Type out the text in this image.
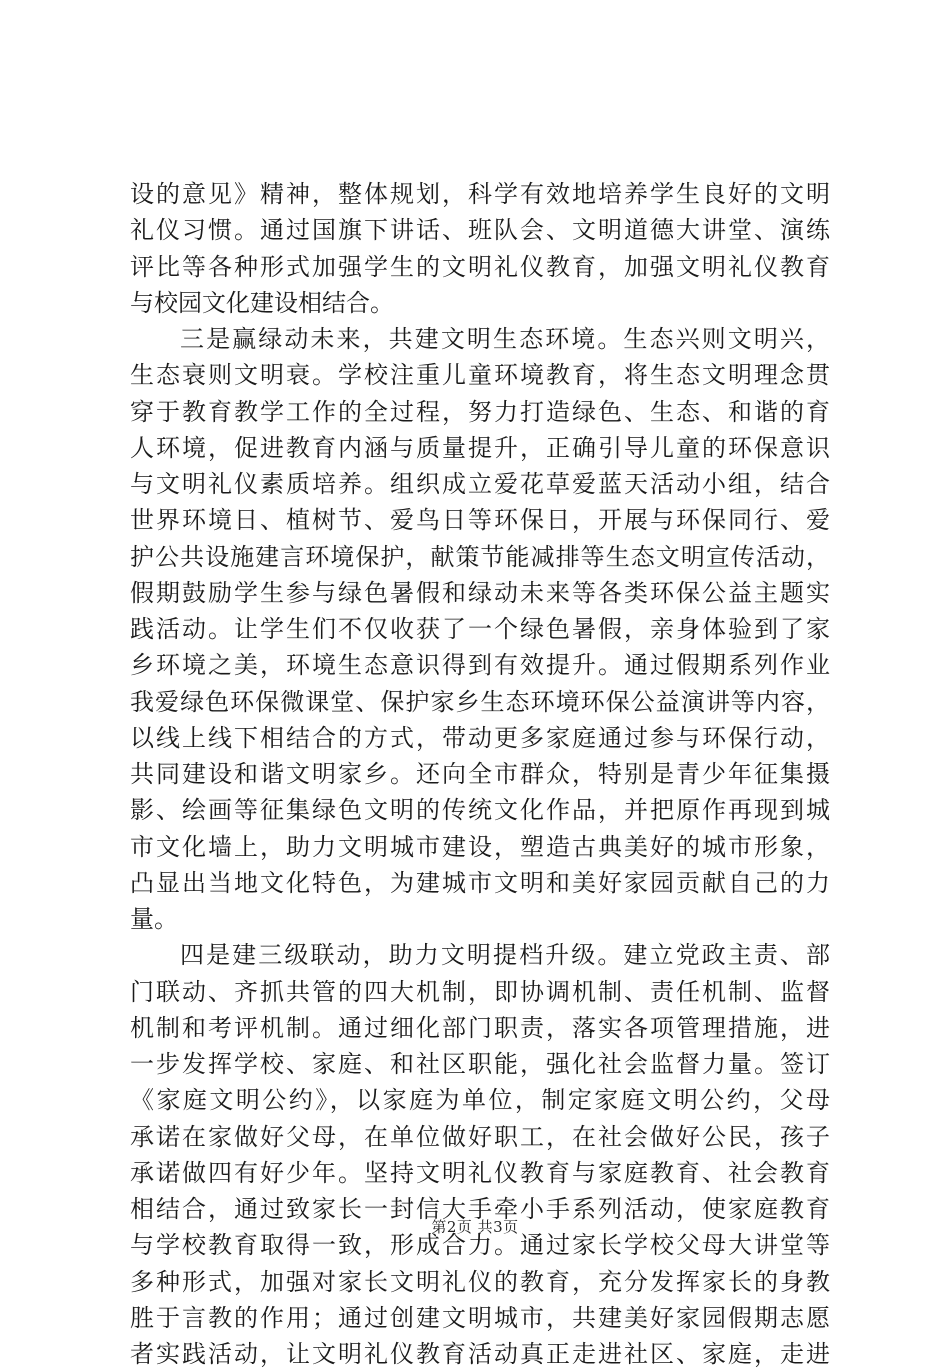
设的意见》精神，整体规划，科学有效地培养学生良好的文明
礼仪习惯。通过国旗下讲话、班队会、文明道德大讲堂、演练
评比等各种形式加强学生的文明礼仪教育，加强文明礼仪教育
与校园文化建设相结合。
三是赢绿动未来，共建文明生态环境。生态兴则文明兴，
生态衰则文明衰。学校注重儿童环境教育，将生态文明理念贯
穿于教育教学工作的全过程，努力打造绿色、生态、和谐的育
人环境，促进教育内涵与质量提升，正确引导儿童的环保意识
与文明礼仪素质培养。组织成立爱花草爱蓝天活动小组，结合
世界环境日、植树节、爱鸟日等环保日，开展与环保同行、爱
护公共设施建言环境保护，献策节能减排等生态文明宣传活动，
假期鼓励学生参与绿色暑假和绿动未来等各类环保公益主题实
践活动。让学生们不仅收获了一个绿色暑假，亲身体验到了家
乡环境之美，环境生态意识得到有效提升。通过假期系列作业
我爱绿色环保微课堂、保护家乡生态环境环保公益演讲等内容，
以线上线下相结合的方式，带动更多家庭通过参与环保行动，
共同建设和谐文明家乡。还向全市群众，特别是青少年征集摄
影、绘画等征集绿色文明的传统文化作品，并把原作再现到城
市文化墙上，助力文明城市建设，塑造古典美好的城市形象，
凸显出当地文化特色，为建城市文明和美好家园贡献自己的力
量。
四是建三级联动，助力文明提档升级。建立党政主责、部
门联动、齐抓共管的四大机制，即协调机制、责任机制、监督
机制和考评机制。通过细化部门职责，落实各项管理措施，进
一步发挥学校、家庭、和社区职能，强化社会监督力量。签订
《家庭文明公约》，以家庭为单位，制定家庭文明公约，父母
承诺在家做好父母，在单位做好职工，在社会做好公民，孩子
承诺做四有好少年。坚持文明礼仪教育与家庭教育、社会教育
相结合，通过致家长一封信大手牵小手系列活动，使家庭教育
与学校教育取得一致，形成合力。通过家长学校父母大讲堂等
多种形式，加强对家长文明礼仪的教育，充分发挥家长的身教
胜于言教的作用；通过创建文明城市，共建美好家园假期志愿
者实践活动，让文明礼仪教育活动真正走进社区、家庭，走进
第2页 共3页
